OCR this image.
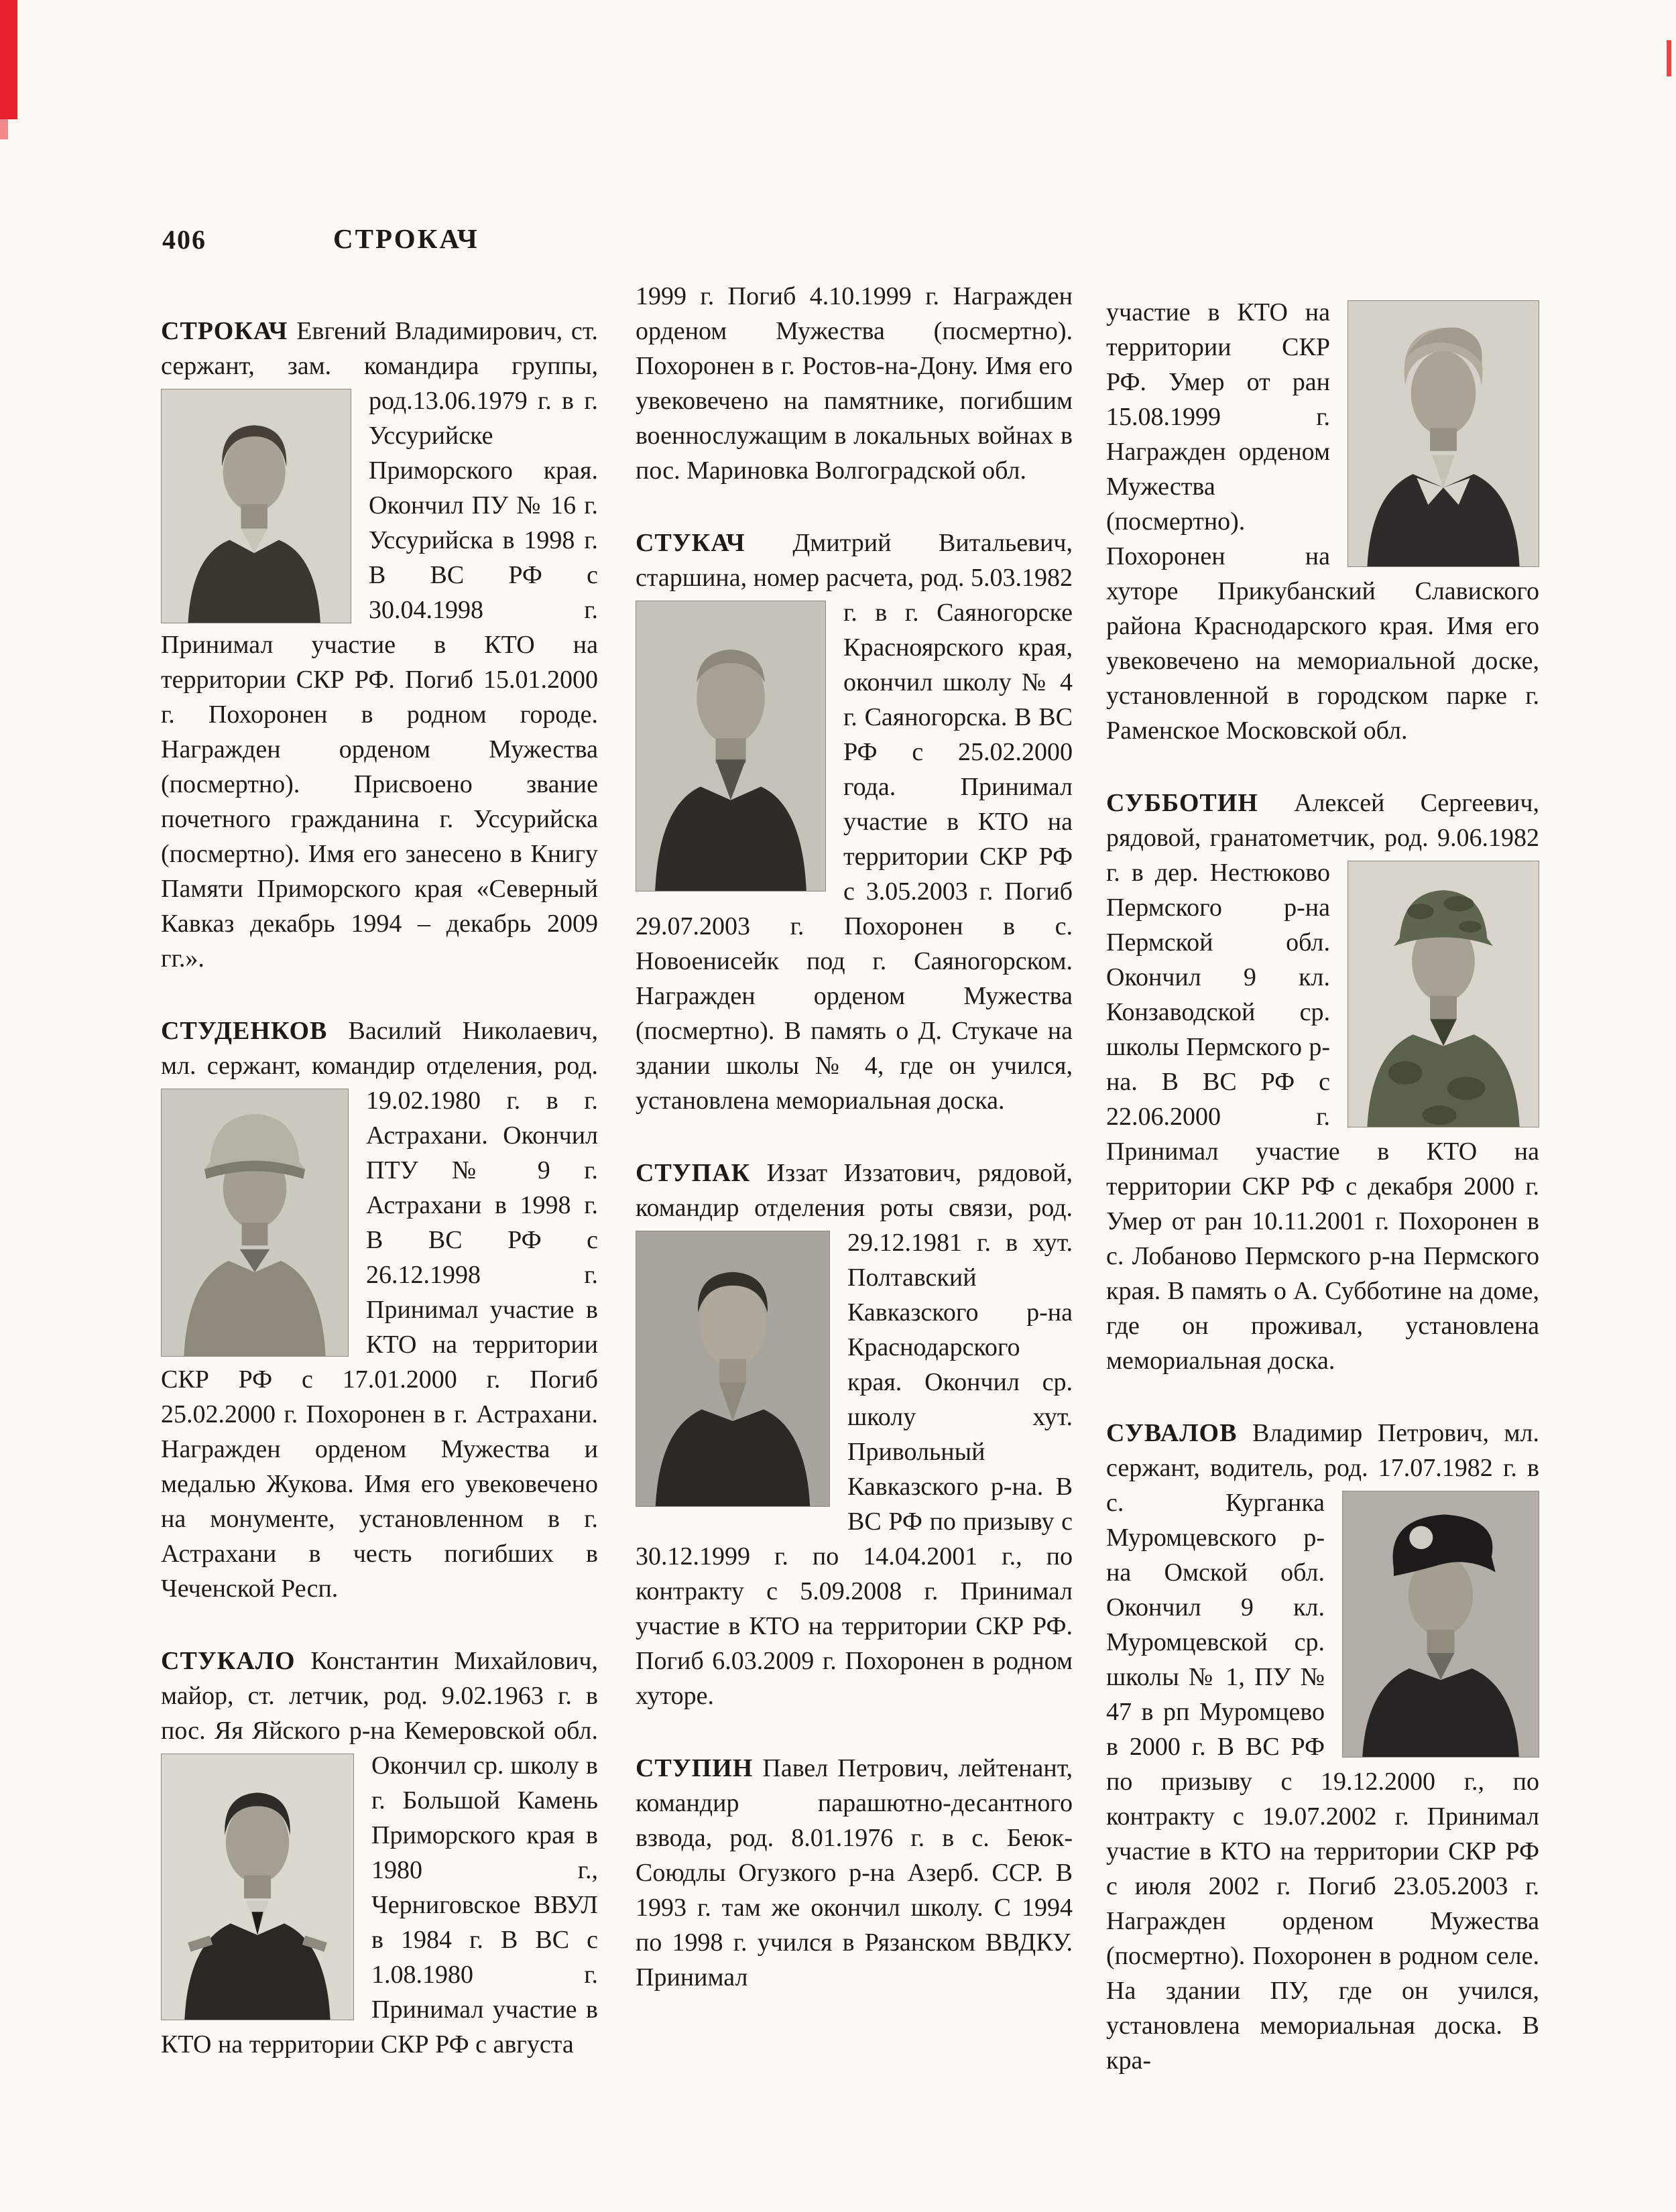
406	СТРОКАЧ

СТРОКАЧ Евгений Владимирович, ст. сержант, зам. командира группы,
род.13.06.1979 г. в г. Уссурийске Приморского края. Окончил ПУ № 16 г. Уссурийска в 1998 г. В ВС РФ с 30.04.1998 г. Принимал участие в КТО на территории СКР РФ. Погиб 15.01.2000 г. Похоронен в родном городе. Награжден орденом Мужества (посмертно). Присвоено звание почетного гражданина г. Уссурийска (посмертно). Имя его занесено в Книгу Памяти Приморского края «Северный Кавказ декабрь 1994 – декабрь 2009 гг.».

СТУДЕНКОВ Василий Николаевич, мл. сержант, командир отделения, род. 19.02.1980 г. в г. Астрахани. Окончил ПТУ № 9 г. Астрахани в 1998 г. В ВС РФ с 26.12.1998 г. Принимал участие в КТО на территории СКР РФ с 17.01.2000 г. Погиб 25.02.2000 г. Похоронен в г. Астрахани. Награжден орденом Мужества и медалью Жукова. Имя его увековечено на монументе, установленном в г. Астрахани в честь погибших в Чеченской Респ.

СТУКАЛО Константин Михайлович, майор, ст. летчик, род. 9.02.1963 г. в пос. Яя Яйского р-на Кемеровской обл. Окончил ср. школу в г. Большой Камень Приморского края в 1980 г., Черниговское ВВУЛ в 1984 г. В ВС с 1.08.1980 г. Принимал участие в КТО на территории СКР РФ с августа

1999 г. Погиб 4.10.1999 г. Награжден орденом Мужества (посмертно). Похоронен в г. Ростов-на-Дону. Имя его увековечено на памятнике, погибшим военнослужащим в локальных войнах в пос. Мариновка Волгоградской обл.

СТУКАЧ Дмитрий Витальевич, старшина, номер расчета, род. 5.03.1982 г. в г. Саяногорске Красноярского края, окончил школу № 4 г. Саяногорска. В ВС РФ с 25.02.2000 года. Принимал участие в КТО на территории СКР РФ с 3.05.2003 г. Погиб 29.07.2003 г. Похоронен в с. Новоенисейк под г. Саяногорском. Награжден орденом Мужества (посмертно). В память о Д. Стукаче на здании школы № 4, где он учился, установлена мемориальная доска.

СТУПАК Иззат Иззатович, рядовой, командир отделения роты связи, род. 29.12.1981 г. в хут. Полтавский Кавказского р-на Краснодарского края. Окончил ср. школу хут. Привольный Кавказского р-на. В ВС РФ по призыву с 30.12.1999 г. по 14.04.2001 г., по контракту с 5.09.2008 г. Принимал участие в КТО на территории СКР РФ. Погиб 6.03.2009 г. Похоронен в родном хуторе.

СТУПИН Павел Петрович, лейтенант, командир парашютно-десантного взвода, род. 8.01.1976 г. в с. Беюк-Союдлы Огузкого р-на Азерб. ССР. В 1993 г. там же окончил школу. С 1994 по 1998 г. учился в Рязанском ВВДКУ. Принимал

участие в КТО на территории СКР РФ. Умер от ран 15.08.1999 г. Награжден орденом Мужества (посмертно). Похоронен на хуторе Прикубанский Славиского района Краснодарского края. Имя его увековечено на мемориальной доске, установленной в городском парке г. Раменское Московской обл.

СУББОТИН Алексей Сергеевич, рядовой, гранатометчик, род. 9.06.1982 г. в дер. Нестюково Пермского р-на Пермской обл. Окончил 9 кл. Конзаводской ср. школы Пермского р-на. В ВС РФ с 22.06.2000 г. Принимал участие в КТО на территории СКР РФ с декабря 2000 г. Умер от ран 10.11.2001 г. Похоронен в с. Лобаново Пермского р-на Пермского края. В память о А. Субботине на доме, где он проживал, установлена мемориальная доска.

СУВАЛОВ Владимир Петрович, мл. сержант, водитель, род. 17.07.1982 г. в с. Курганка Муромцевского р-на Омской обл. Окончил 9 кл. Муромцевской ср. школы № 1, ПУ № 47 в рп Муромцево в 2000 г. В ВС РФ по призыву с 19.12.2000 г., по контракту с 19.07.2002 г. Принимал участие в КТО на территории СКР РФ с июля 2002 г. Погиб 23.05.2003 г. Награжден орденом Мужества (посмертно). Похоронен в родном селе. На здании ПУ, где он учился, установлена мемориальная доска. В кра-
